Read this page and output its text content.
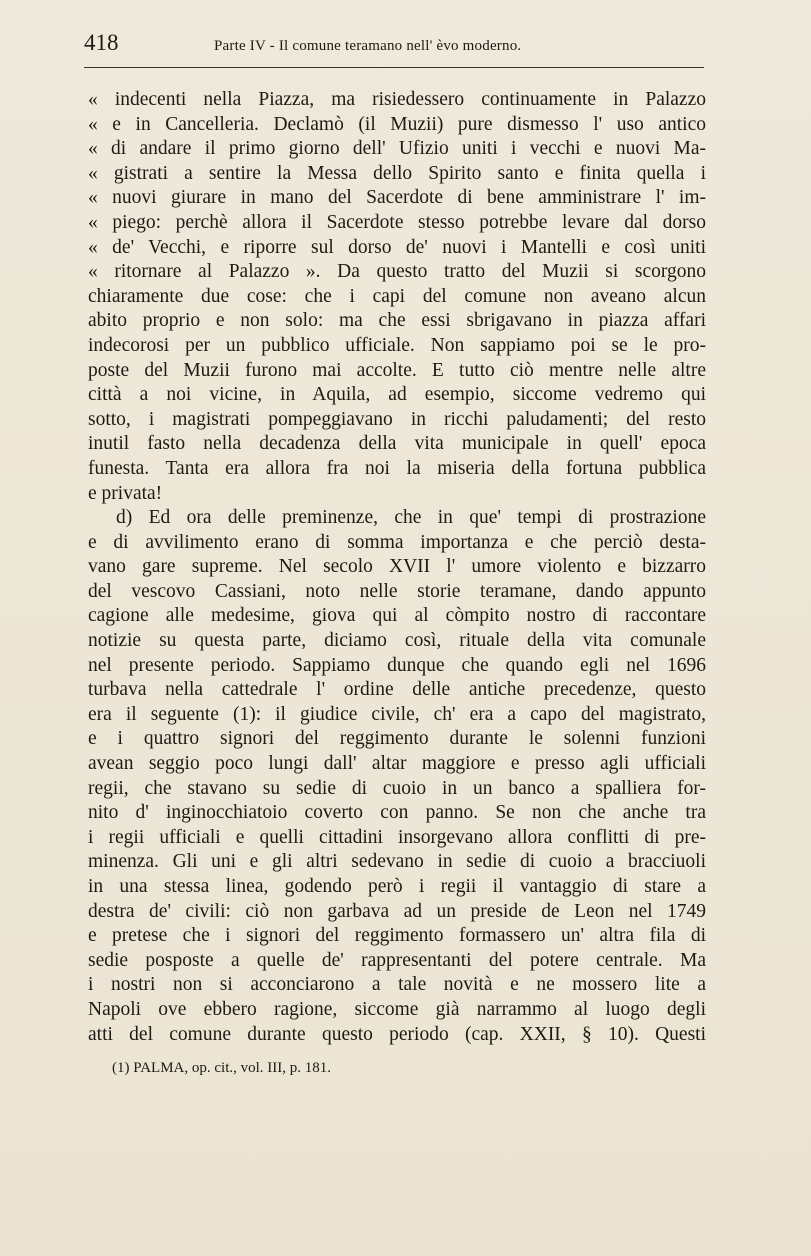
418	Parte IV - Il comune teramano nell' èvo moderno.
« indecenti nella Piazza, ma risiedessero continuamente in Palazzo
« e in Cancelleria. Declamò (il Muzii) pure dismesso l' uso antico
« di andare il primo giorno dell' Ufizio uniti i vecchi e nuovi Ma-
« gistrati a sentire la Messa dello Spirito santo e finita quella i
« nuovi giurare in mano del Sacerdote di bene amministrare l' im-
« piego: perchè allora il Sacerdote stesso potrebbe levare dal dorso
« de' Vecchi, e riporre sul dorso de' nuovi i Mantelli e così uniti
« ritornare al Palazzo ». Da questo tratto del Muzii si scorgono
chiaramente due cose: che i capi del comune non aveano alcun
abito proprio e non solo: ma che essi sbrigavano in piazza affari
indecorosi per un pubblico ufficiale. Non sappiamo poi se le pro-
poste del Muzii furono mai accolte. E tutto ciò mentre nelle altre
città a noi vicine, in Aquila, ad esempio, siccome vedremo qui
sotto, i magistrati pompeggiavano in ricchi paludamenti; del resto
inutil fasto nella decadenza della vita municipale in quell' epoca
funesta. Tanta era allora fra noi la miseria della fortuna pubblica
e privata!
d) Ed ora delle preminenze, che in que' tempi di prostrazione
e di avvilimento erano di somma importanza e che perciò desta-
vano gare supreme. Nel secolo XVII l' umore violento e bizzarro
del vescovo Cassiani, noto nelle storie teramane, dando appunto
cagione alle medesime, giova qui al còmpito nostro di raccontare
notizie su questa parte, diciamo così, rituale della vita comunale
nel presente periodo. Sappiamo dunque che quando egli nel 1696
turbava nella cattedrale l' ordine delle antiche precedenze, questo
era il seguente (1): il giudice civile, ch' era a capo del magistrato,
e i quattro signori del reggimento durante le solenni funzioni
avean seggio poco lungi dall' altar maggiore e presso agli ufficiali
regii, che stavano su sedie di cuoio in un banco a spalliera for-
nito d' inginocchiatoio coverto con panno. Se non che anche tra
i regii ufficiali e quelli cittadini insorgevano allora conflitti di pre-
minenza. Gli uni e gli altri sedevano in sedie di cuoio a bracciuoli
in una stessa linea, godendo però i regii il vantaggio di stare a
destra de' civili: ciò non garbava ad un preside de Leon nel 1749
e pretese che i signori del reggimento formassero un' altra fila di
sedie posposte a quelle de' rappresentanti del potere centrale. Ma
i nostri non si acconciarono a tale novità e ne mossero lite a
Napoli ove ebbero ragione, siccome già narrammo al luogo degli
atti del comune durante questo periodo (cap. XXII, § 10). Questi
(1) PALMA, op. cit., vol. III, p. 181.
